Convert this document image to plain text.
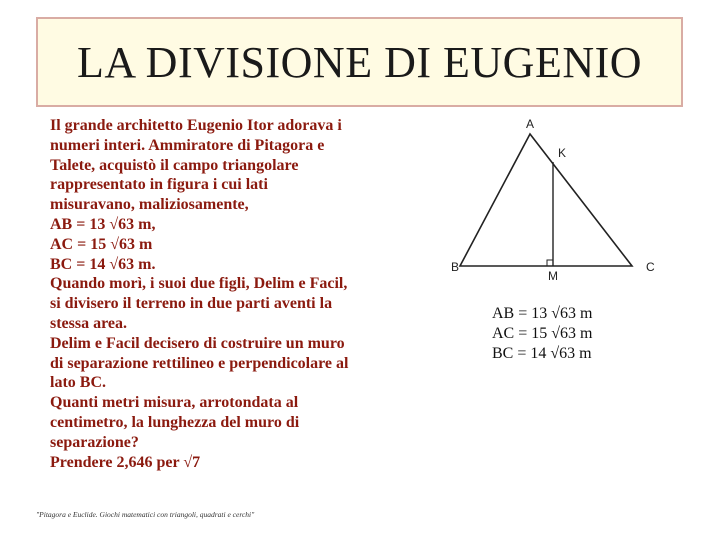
LA DIVISIONE DI EUGENIO
Il grande architetto Eugenio Itor adorava i
numeri interi. Ammiratore di Pitagora e
Talete, acquistò il campo triangolare
rappresentato in figura i cui lati
misuravano, maliziosamente,
AB = 13 √63 m,
AC = 15 √63 m
BC = 14 √63 m.
Quando morì, i suoi due figli, Delim e Facil,
si divisero il terreno in due parti aventi la
stessa area.
Delim e Facil decisero di costruire un muro
di separazione rettilineo e perpendicolare al
lato BC.
Quanti metri misura, arrotondata al
centimetro, la lunghezza del muro di
separazione?
Prendere 2,646 per √7
"Pitagora e Euclide. Giochi matematici con triangoli, quadrati e cerchi"
A
K
B	C
M
AB = 13 √63 m
AC = 15 √63 m
BC = 14 √63 m
